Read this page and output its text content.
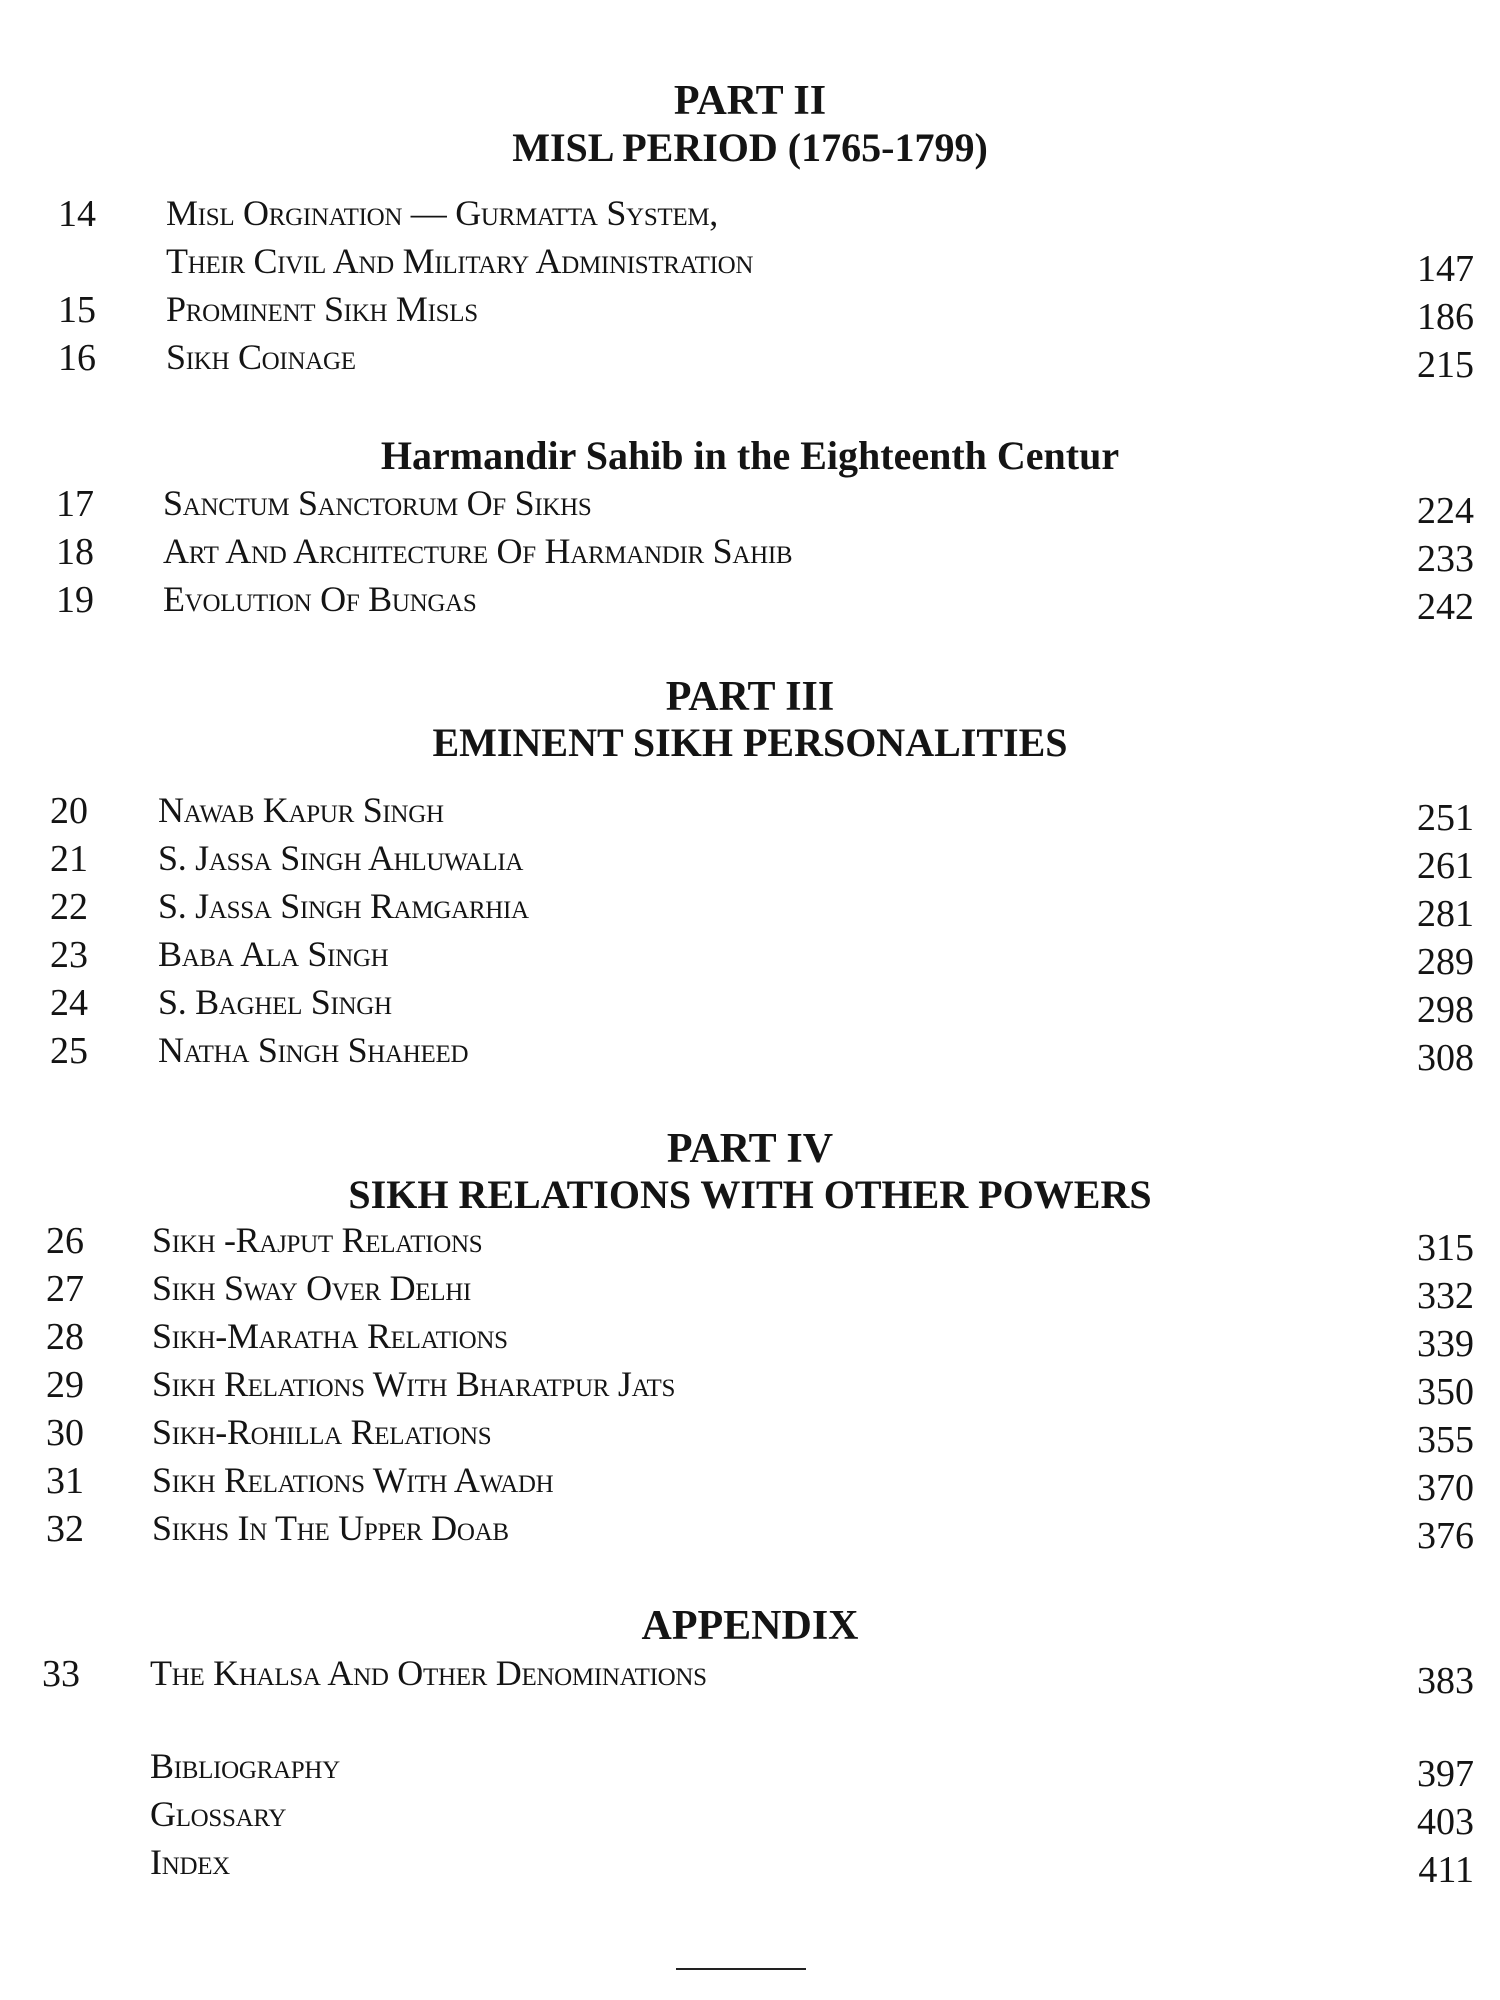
PART II
MISL PERIOD (1765-1799)
14 Misl Orgination — Gurmatta System,
Their Civil And Military Administration	147
15 Prominent Sikh Misls	186
16 Sikh Coinage	215
Harmandir Sahib in the Eighteenth Centur
17 Sanctum Sanctorum Of Sikhs	224
18 Art And Architecture Of Harmandir Sahib	233
19 Evolution Of Bungas	242
PART III
EMINENT SIKH PERSONALITIES
20 Nawab Kapur Singh	251
21 S. Jassa Singh Ahluwalia	261
22 S. Jassa Singh Ramgarhia	281
23 Baba Ala Singh	289
24 S. Baghel Singh	298
25 Natha Singh Shaheed	308
PART IV
SIKH RELATIONS WITH OTHER POWERS
26 Sikh -Rajput Relations	315
27 Sikh Sway Over Delhi	332
28 Sikh-Maratha Relations	339
29 Sikh Relations With Bharatpur Jats	350
30 Sikh-Rohilla Relations	355
31 Sikh Relations With Awadh	370
32 Sikhs In The Upper Doab	376
APPENDIX
33 The Khalsa And Other Denominations	383
Bibliography	397
Glossary	403
Index	411
